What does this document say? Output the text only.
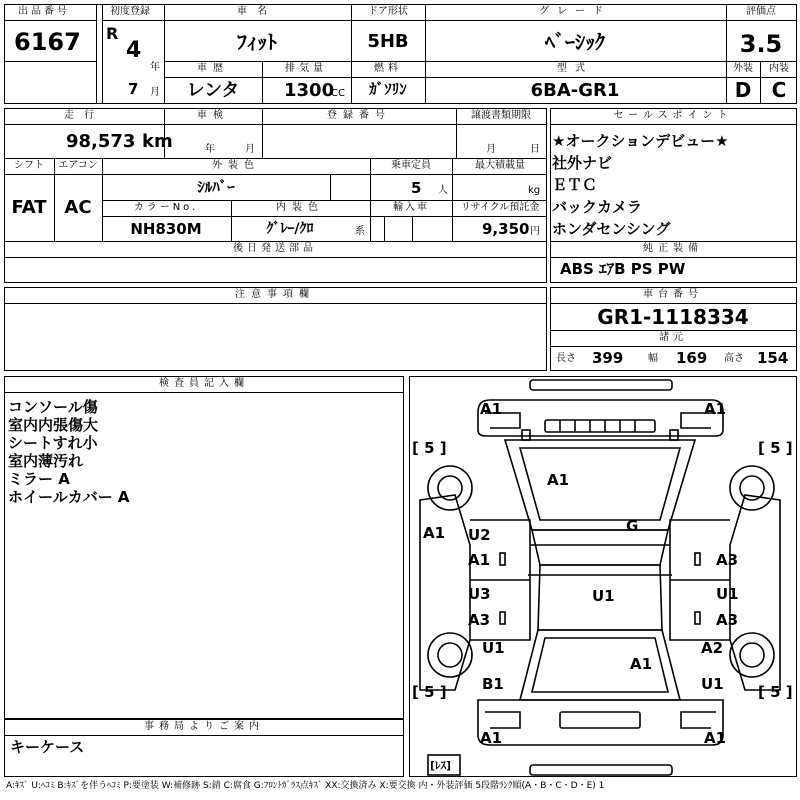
出品番号
6167
初度登録
R
4
年
7 月
車名
ﾌｨｯﾄ
ドア形状
5HB
グレード
ﾍﾞｰｼｯｸ
評価点
3.5
車歴
レンタ
排気量
1300
CC
燃料
ｶﾞｿﾘﾝ
型式
6BA-GR1
外装
D
内装
C
走行
98,573 km
車検
年	月
登録番号	譲渡書類期限
月	日
シフト
FAT
エアコン
AC
外装色
ｼﾙﾊﾞｰ
乗車定員
5 人
最大積載量
kg
カラーNo.
NH830M
内装色
ｸﾞﾚｰ/ｸﾛ	系
輸入車	リサイクル預託金
9,350 円
後日発送部品
セールスポイント
★オークションデビュー★
社外ナビ
ＥＴＣ
バックカメラ
ホンダセンシング
純正装備
ABS ｴｱB PS PW
注意事項欄	車台番号
GR1-1118334
諸元
長さ 399 幅 169 高さ 154
検査員記入欄
コンソール傷
室内内張傷大
シートすれ小
室内薄汚れ
ミラー A
ホイールカバー A
事務局よりご案内
キーケース
[ 5 ]	[ 5 ]
[ 5 ]	[ 5 ]
[ﾚｽ]
A1	A1
A1
G
A1 U2
A1
U3
A3
A3
U1
A3
U1
U1	A2
A1
B1	U1
A1	A1
A:ｷｽﾞ U:ﾍｺﾐ B:ｷｽﾞを伴うﾍｺﾐ P:要塗装 W:補修跡 S:錆 C:腐食 G:ﾌﾛﾝﾄｶﾞﾗｽ点ｷｽﾞ XX:交換済み X:要交換 内・外装評価 5段階ﾗﾝｸ順(A・B・C・D・E) 1
